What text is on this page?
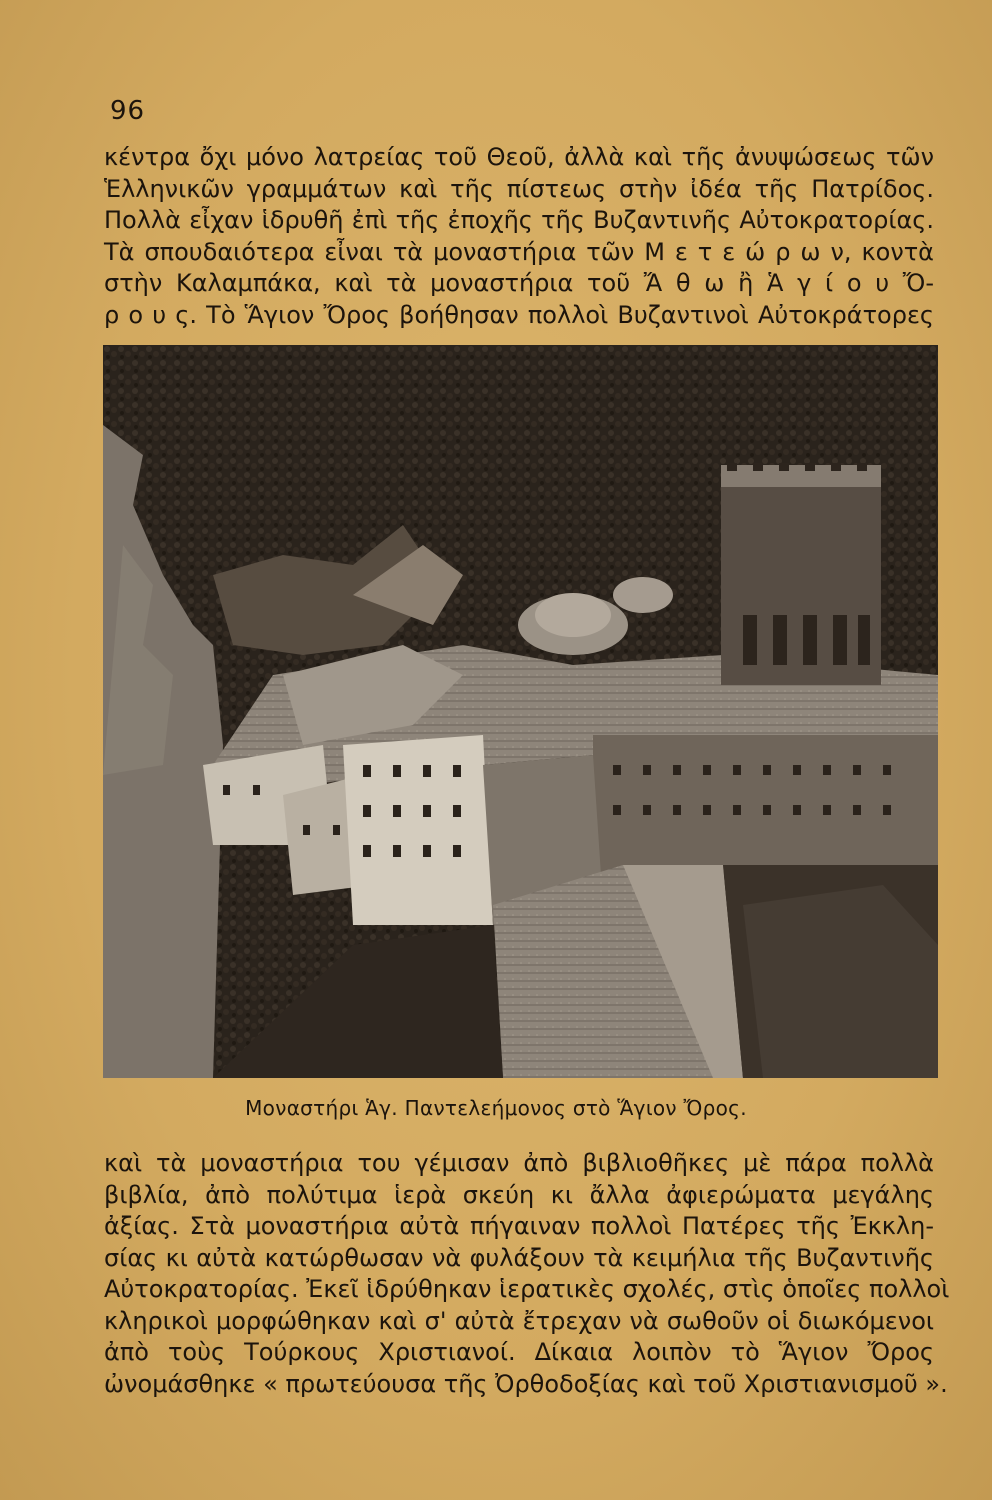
96
κέντρα ὄχι μόνο λατρείας τοῦ Θεοῦ, ἀλλὰ καὶ τῆς ἀνυψώσεως τῶν
Ἑλληνικῶν γραμμάτων καὶ τῆς πίστεως στὴν ἰδέα τῆς Πατρίδος.
Πολλὰ εἶχαν ἱδρυθῆ ἐπὶ τῆς ἐποχῆς τῆς Βυζαντινῆς Αὐτοκρατορίας.
Τὰ σπουδαιότερα εἶναι τὰ μοναστήρια τῶν Μ ε τ ε ώ ρ ω ν, κοντὰ
στὴν Καλαμπάκα, καὶ τὰ μοναστήρια τοῦ Ἄ θ ω ἢ Ἁ γ ί ο υ Ὄ-
ρ ο υ ς. Τὸ Ἅγιον Ὄρος βοήθησαν πολλοὶ Βυζαντινοὶ Αὐτοκράτορες
Μοναστήρι Ἁγ. Παντελεήμονος στὸ Ἅγιον Ὄρος.
καὶ τὰ μοναστήρια του γέμισαν ἀπὸ βιβλιοθῆκες μὲ πάρα πολλὰ
βιβλία, ἀπὸ πολύτιμα ἱερὰ σκεύη κι ἄλλα ἀφιερώματα μεγάλης
ἀξίας. Στὰ μοναστήρια αὐτὰ πήγαιναν πολλοὶ Πατέρες τῆς Ἐκκλη-
σίας κι αὐτὰ κατώρθωσαν νὰ φυλάξουν τὰ κειμήλια τῆς Βυζαντινῆς
Αὐτοκρατορίας. Ἐκεῖ ἱδρύθηκαν ἱερατικὲς σχολές, στὶς ὁποῖες πολλοὶ
κληρικοὶ μορφώθηκαν καὶ σ' αὐτὰ ἔτρεχαν νὰ σωθοῦν οἱ διωκόμενοι
ἀπὸ τοὺς Τούρκους Χριστιανοί. Δίκαια λοιπὸν τὸ Ἅγιον Ὄρος
ὠνομάσθηκε « πρωτεύουσα τῆς Ὀρθοδοξίας καὶ τοῦ Χριστιανισμοῦ ».
